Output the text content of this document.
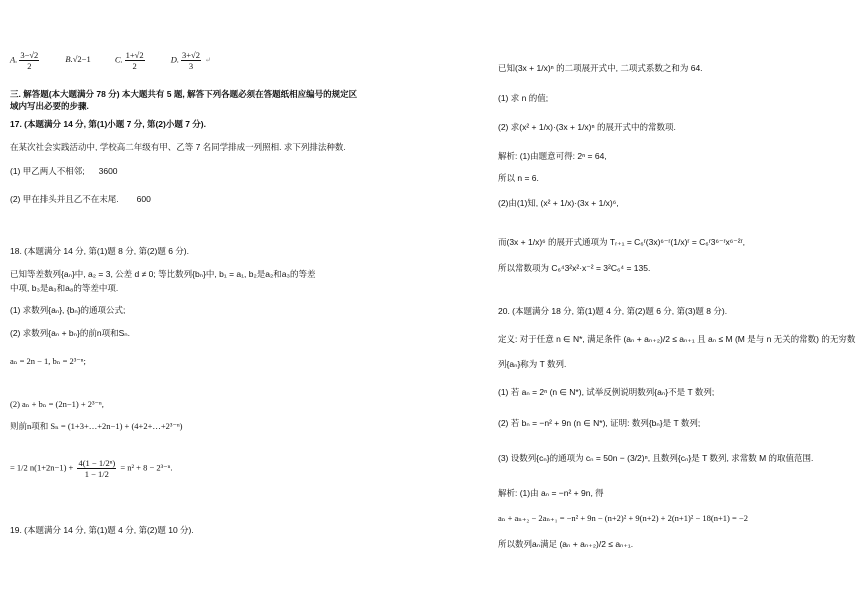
A. $\frac{3-√2}{2}$	B.√2−1	C. $\frac{1+√2}{2}$	D. $\frac{3+√2}{3}$ ↵
三. 解答题(本大题满分 78 分) 本大题共有 5 题, 解答下列各题必须在答题纸相应编号的规定区
域内写出必要的步骤.
17. (本题满分 14 分, 第(1)小题 7 分, 第(2)小题 7 分).
在某次社会实践活动中, 学校高二年级有甲、乙等 7 名同学排成一列照相. 求下列排法种数.
(1) 甲乙两人不相邻; 3600
(2) 甲在排头并且乙不在末尾. 600
18. (本题满分 14 分, 第(1)题 8 分, 第(2)题 6 分).
已知等差数列{aₙ}中, a₂ = 3, 公差 d ≠ 0; 等比数列{bₙ}中, b₁ = a₁, b₂是a₂和a₃的等差
中项, b₃是a₃和a₈的等差中项.
(1) 求数列{aₙ}, {bₙ}的通项公式;
(2) 求数列{aₙ + bₙ}的前n项和Sₙ.
aₙ = 2n − 1, bₙ = 2³⁻ⁿ;
(2) aₙ + bₙ = (2n−1) + 2³⁻ⁿ,
则前n项和 Sₙ = (1+3+…+2n−1) + (4+2+…+2³⁻ⁿ)
= 1/2 $n(1+2n-1) + \frac{\text{4(1 − 1/2ⁿ)}}{1 - 1/2} = n^2 + 8 - 2^{3-n}$.
19. (本题满分 14 分, 第(1)题 4 分, 第(2)题 10 分).
已知(3x + 1/x)ⁿ 的二项展开式中, 二项式系数之和为 64.
(1) 求 n 的值;
(2) 求(x² + 1/x)·(3x + 1/x)ⁿ 的展开式中的常数项.
解析: (1)由题意可得: 2ⁿ = 64,
所以 n = 6.
(2)由(1)知, (x² + 1/x)·(3x + 1/x)⁶,
而(3x + 1/x)⁶ 的展开式通项为 Tᵣ₊₁ = C₆ʳ(3x)⁶⁻ʳ(1/x)ʳ = C₆ʳ3⁶⁻ʳx⁶⁻²ʳ,
所以常数项为 C₆⁴3²x²·x⁻² = 3²C₆⁴ = 135.
20. (本题满分 18 分, 第(1)题 4 分, 第(2)题 6 分, 第(3)题 8 分).
定义: 对于任意 n ∈ N*, 满足条件 (aₙ + aₙ₊₂)/2 ≤ aₙ₊₁ 且 aₙ ≤ M (M 是与 n 无关的常数) 的无穷数
列{aₙ}称为 T 数列.
(1) 若 aₙ = 2ⁿ (n ∈ N*), 试举反例说明数列{aₙ}不是 T 数列;
(2) 若 bₙ = −n² + 9n (n ∈ N*), 证明: 数列{bₙ}是 T 数列;
(3) 设数列{cₙ}的通项为 cₙ = 50n − (3/2)ⁿ, 且数列{cₙ}是 T 数列, 求常数 M 的取值范围.
解析: (1)由 aₙ = −n² + 9n, 得
aₙ + aₙ₊₂ − 2aₙ₊₁ = −n² + 9n − (n+2)² + 9(n+2) + 2(n+1)² − 18(n+1) = −2
所以数列aₙ满足 (aₙ + aₙ₊₂)/2 ≤ aₙ₊₁.
